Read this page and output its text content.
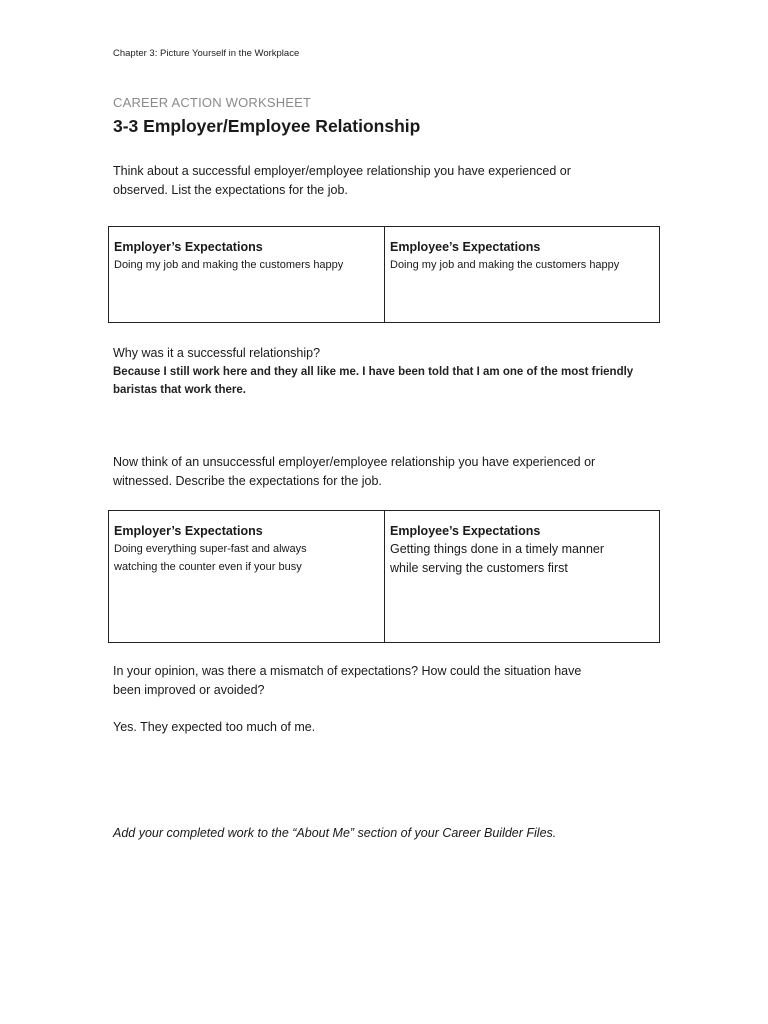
Chapter 3: Picture Yourself in the Workplace
CAREER ACTION WORKSHEET
3-3 Employer/Employee Relationship
Think about a successful employer/employee relationship you have experienced or
observed. List the expectations for the job.
Employer’s Expectations
Doing my job and making the customers happy
Employee’s Expectations
Doing my job and making the customers happy
Why was it a successful relationship?
Because I still work here and they all like me. I have been told that I am one of the most friendly
baristas that work there.
Now think of an unsuccessful employer/employee relationship you have experienced or
witnessed. Describe the expectations for the job.
Employer’s Expectations
Doing everything super-fast and always
watching the counter even if your busy
Employee’s Expectations
Getting things done in a timely manner
while serving the customers first
In your opinion, was there a mismatch of expectations? How could the situation have
been improved or avoided?
Yes. They expected too much of me.
Add your completed work to the “About Me” section of your Career Builder Files.
